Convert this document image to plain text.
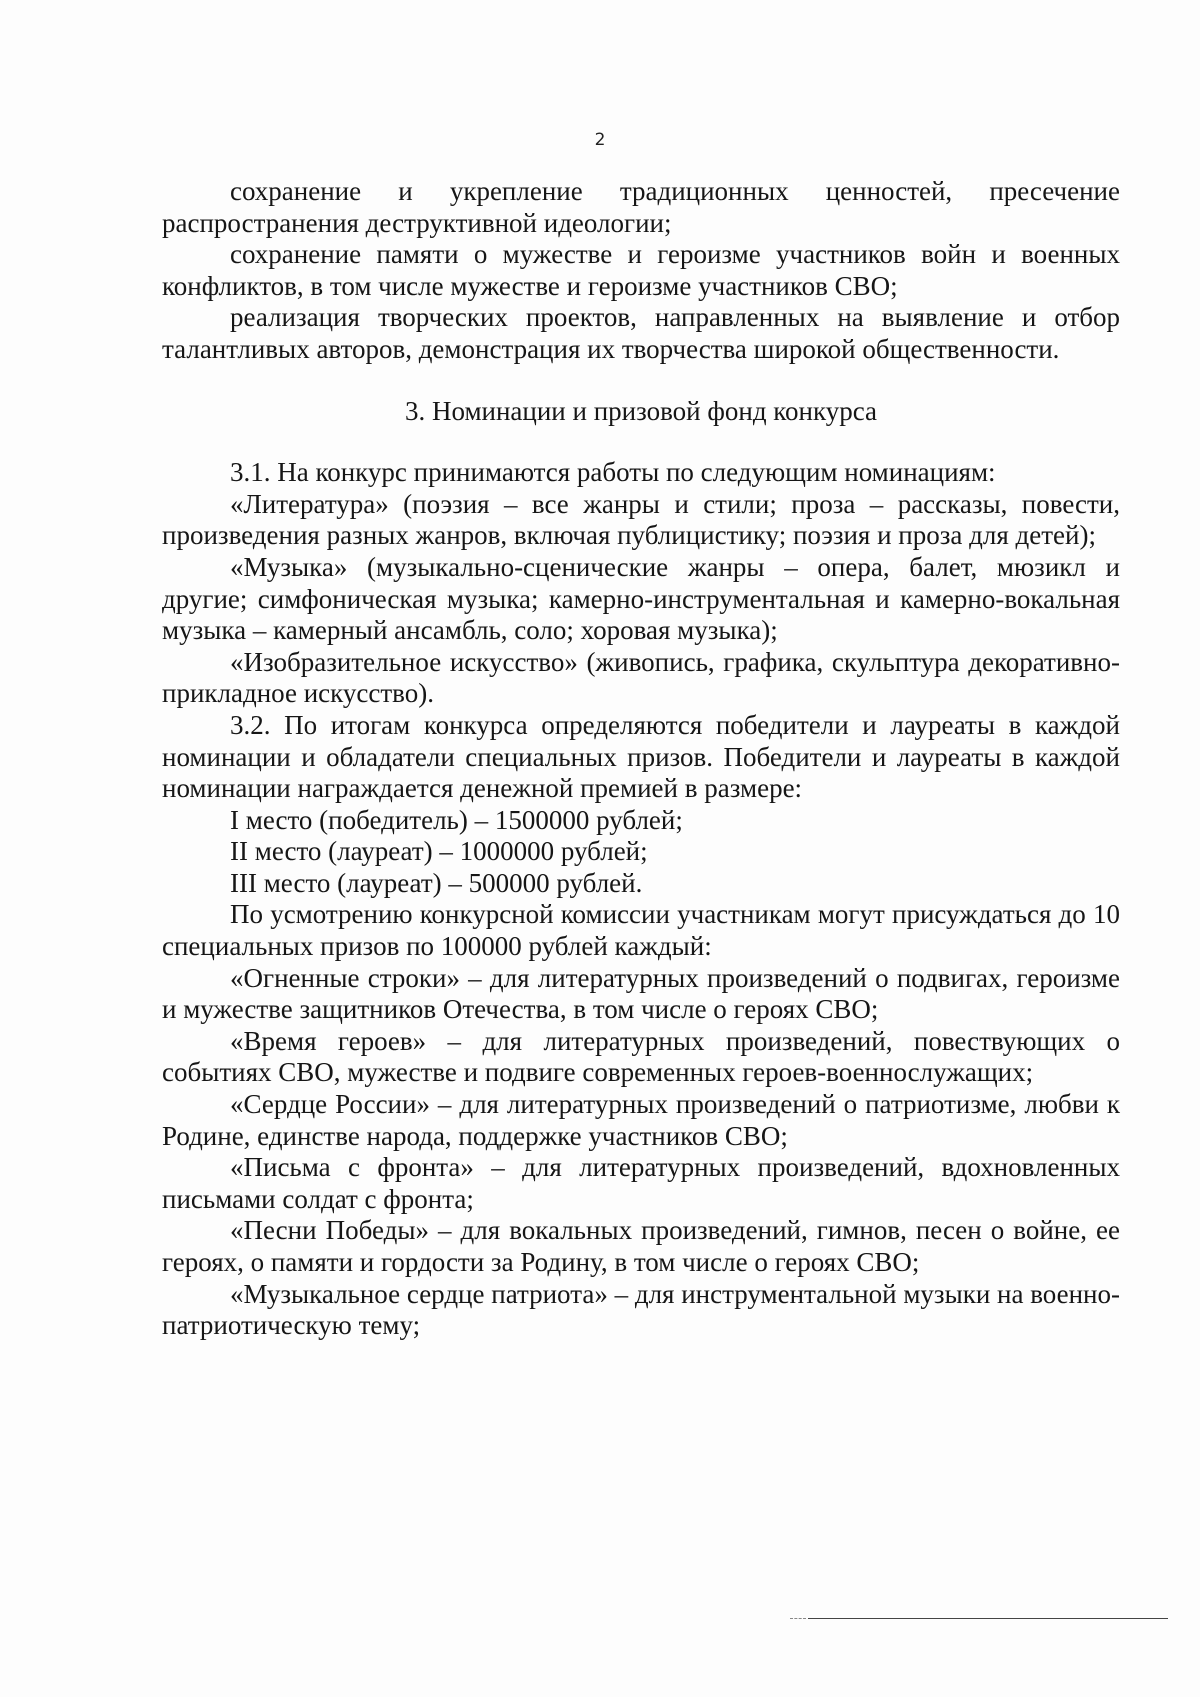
2

сохранение и укрепление традиционных ценностей, пресечение распространения деструктивной идеологии;

сохранение памяти о мужестве и героизме участников войн и военных конфликтов, в том числе мужестве и героизме участников СВО;

реализация творческих проектов, направленных на выявление и отбор талантливых авторов, демонстрация их творчества широкой общественности.

3. Номинации и призовой фонд конкурса

3.1. На конкурс принимаются работы по следующим номинациям:

«Литература» (поэзия – все жанры и стили; проза – рассказы, повести, произведения разных жанров, включая публицистику; поэзия и проза для детей);

«Музыка» (музыкально-сценические жанры – опера, балет, мюзикл и другие; симфоническая музыка; камерно-инструментальная и камерно-вокальная музыка – камерный ансамбль, соло; хоровая музыка);

«Изобразительное искусство» (живопись, графика, скульптура декоративно-прикладное искусство).

3.2. По итогам конкурса определяются победители и лауреаты в каждой номинации и обладатели специальных призов. Победители и лауреаты в каждой номинации награждается денежной премией в размере:

I место (победитель) – 1500000 рублей;

II место (лауреат) – 1000000 рублей;

III место (лауреат) – 500000 рублей.

По усмотрению конкурсной комиссии участникам могут присуждаться до 10 специальных призов по 100000 рублей каждый:

«Огненные строки» – для литературных произведений о подвигах, героизме и мужестве защитников Отечества, в том числе о героях СВО;

«Время героев» – для литературных произведений, повествующих о событиях СВО, мужестве и подвиге современных героев-военнослужащих;

«Сердце России» – для литературных произведений о патриотизме, любви к Родине, единстве народа, поддержке участников СВО;

«Письма с фронта» – для литературных произведений, вдохновленных письмами солдат с фронта;

«Песни Победы» – для вокальных произведений, гимнов, песен о войне, ее героях, о памяти и гордости за Родину, в том числе о героях СВО;

«Музыкальное сердце патриота» – для инструментальной музыки на военно-патриотическую тему;
